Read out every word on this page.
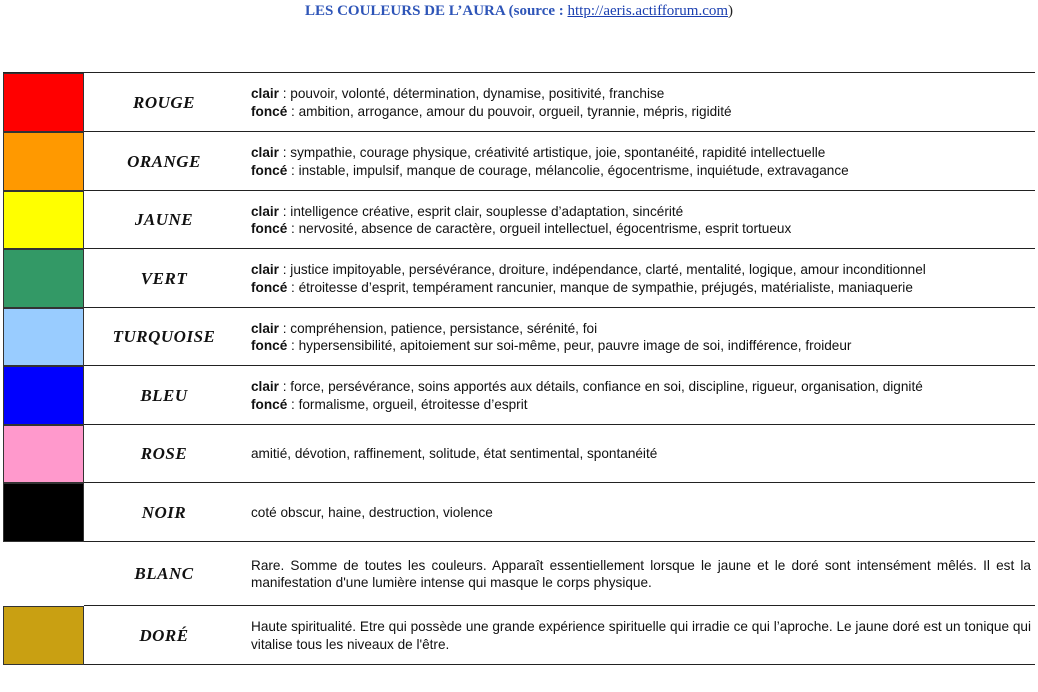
LES COULEURS DE L’AURA (source : http://aeris.actifforum.com)
ROUGE	clair : pouvoir, volonté, détermination, dynamise, positivité, franchise
foncé : ambition, arrogance, amour du pouvoir, orgueil, tyrannie, mépris, rigidité
ORANGE	clair : sympathie, courage physique, créativité artistique, joie, spontanéité, rapidité intellectuelle
foncé : instable, impulsif, manque de courage, mélancolie, égocentrisme, inquiétude, extravagance
JAUNE	clair : intelligence créative, esprit clair, souplesse d’adaptation, sincérité
foncé : nervosité, absence de caractère, orgueil intellectuel, égocentrisme, esprit tortueux
VERT	clair : justice impitoyable, persévérance, droiture, indépendance, clarté, mentalité, logique, amour inconditionnel
foncé : étroitesse d’esprit, tempérament rancunier, manque de sympathie, préjugés, matérialiste, maniaquerie
TURQUOISE	clair : compréhension, patience, persistance, sérénité, foi
foncé : hypersensibilité, apitoiement sur soi-même, peur, pauvre image de soi, indifférence, froideur
BLEU	clair : force, persévérance, soins apportés aux détails, confiance en soi, discipline, rigueur, organisation, dignité
foncé : formalisme, orgueil, étroitesse d’esprit
ROSE	amitié, dévotion, raffinement, solitude, état sentimental, spontanéité
NOIR	coté obscur, haine, destruction, violence
BLANC	Rare. Somme de toutes les couleurs. Apparaît essentiellement lorsque le jaune et le doré sont intensément mêlés. Il est la manifestation d'une lumière intense qui masque le corps physique.
DORÉ	Haute spiritualité. Etre qui possède une grande expérience spirituelle qui irradie ce qui l’aproche. Le jaune doré est un tonique qui vitalise tous les niveaux de l'être.
